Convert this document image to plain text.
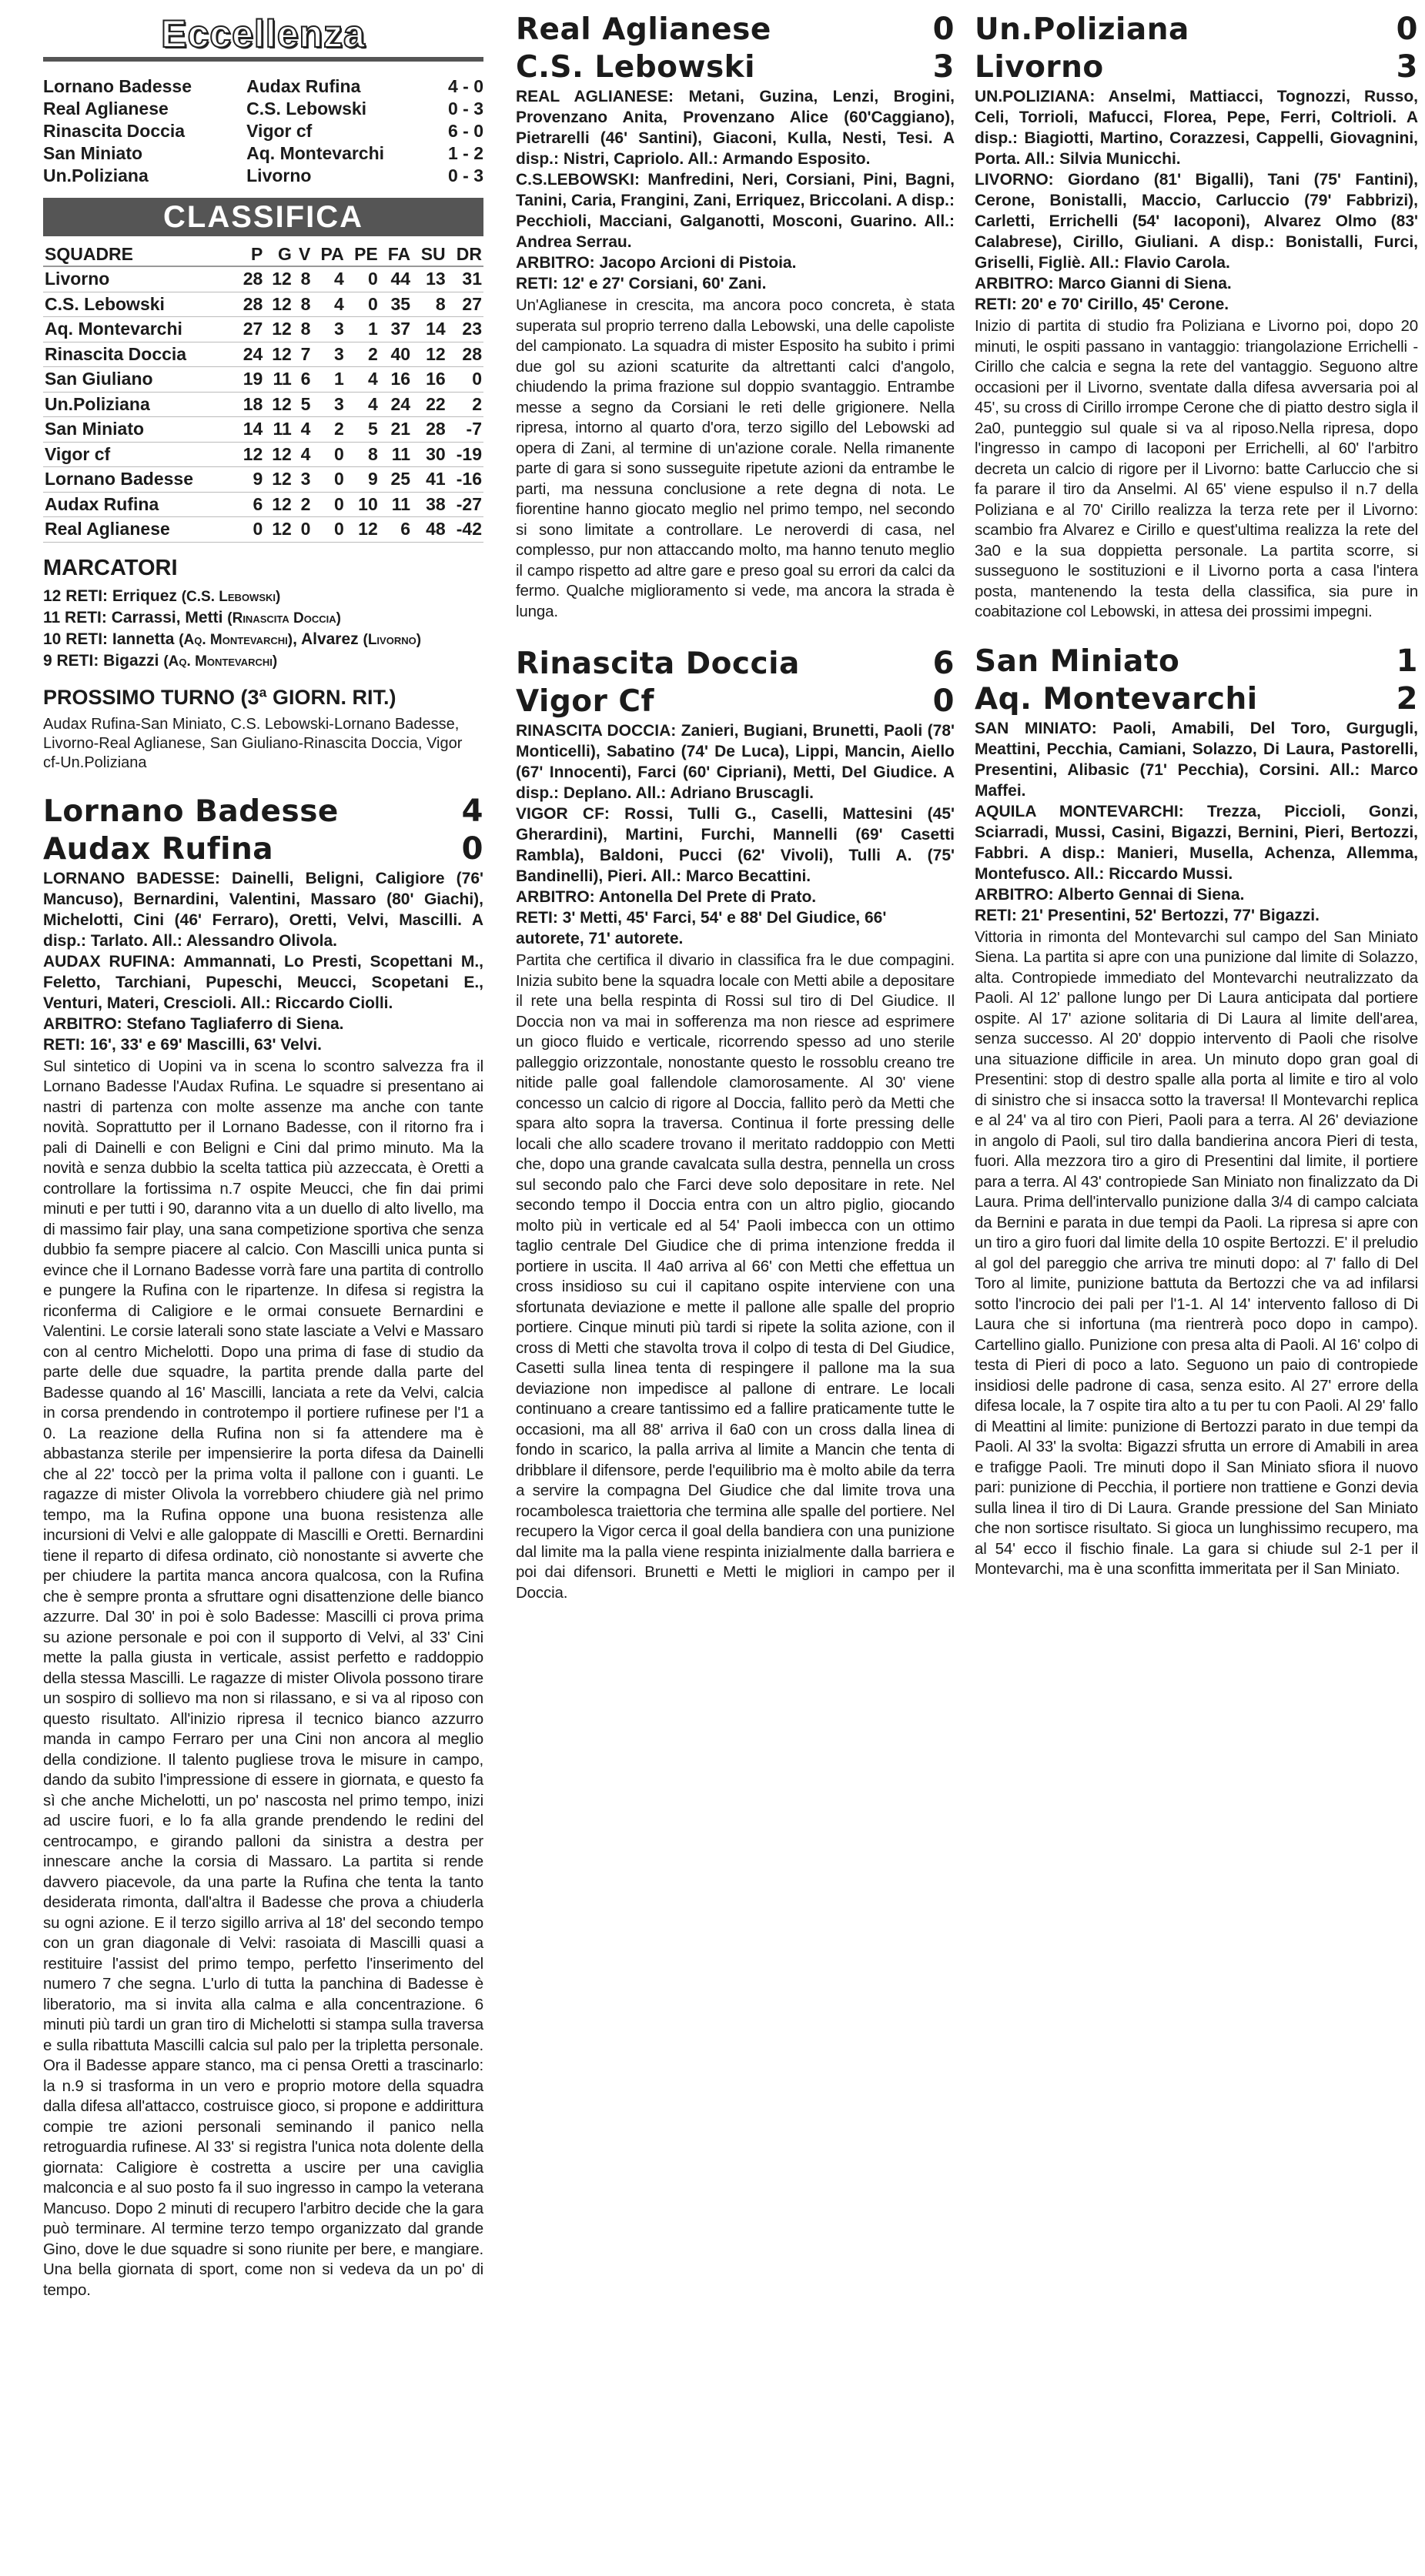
Eccellenza
Lornano Badesse	Audax Rufina	4 - 0
Real Aglianese	C.S. Lebowski	0 - 3
Rinascita Doccia	Vigor cf	6 - 0
San Miniato	Aq. Montevarchi	1 - 2
Un.Poliziana	Livorno	0 - 3
CLASSIFICA
SQUADRE	P	G	V	PA	PE	FA	SU	DR
Livorno	28	12	8	4	0	44	13	31
C.S. Lebowski	28	12	8	4	0	35	8	27
Aq. Montevarchi	27	12	8	3	1	37	14	23
Rinascita Doccia	24	12	7	3	2	40	12	28
San Giuliano	19	11	6	1	4	16	16	0
Un.Poliziana	18	12	5	3	4	24	22	2
San Miniato	14	11	4	2	5	21	28	-7
Vigor cf	12	12	4	0	8	11	30	-19
Lornano Badesse	9	12	3	0	9	25	41	-16
Audax Rufina	6	12	2	0	10	11	38	-27
Real Aglianese	0	12	0	0	12	6	48	-42
MARCATORI
12 RETI: Erriquez (C.S. Lebowski)
11 RETI: Carrassi, Metti (Rinascita Doccia)
10 RETI: Iannetta (Aq. Montevarchi), Alvarez (Livorno)
9 RETI: Bigazzi (Aq. Montevarchi)
PROSSIMO TURNO (3ª GIORN. RIT.)
Audax Rufina-San Miniato, C.S. Lebowski-Lornano Badesse, Livorno-Real Aglianese, San Giuliano-Rinascita Doccia, Vigor cf-Un.Poliziana
Lornano Badesse	4
Audax Rufina	0

LORNANO BADESSE: Dainelli, Beligni, Caligiore (76' Mancuso), Bernardini, Valentini, Massaro (80' Giachi), Michelotti, Cini (46' Ferraro), Oretti, Velvi, Mascilli. A disp.: Tarlato. All.: Alessandro Olivola.

AUDAX RUFINA: Ammannati, Lo Presti, Scopettani M., Feletto, Tarchiani, Pupeschi, Meucci, Scopetani E., Venturi, Materi, Crescioli. All.: Riccardo Ciolli.

ARBITRO: Stefano Tagliaferro di Siena.

RETI: 16', 33' e 69' Mascilli, 63' Velvi.

Sul sintetico di Uopini va in scena lo scontro salvezza fra il Lornano Badesse l'Audax Rufina. Le squadre si presentano ai nastri di partenza con molte assenze ma anche con tante novità. Soprattutto per il Lornano Badesse, con il ritorno fra i pali di Dainelli e con Beligni e Cini dal primo minuto. Ma la novità e senza dubbio la scelta tattica più azzeccata, è Oretti a controllare la fortissima n.7 ospite Meucci, che fin dai primi minuti e per tutti i 90, daranno vita a un duello di alto livello, ma di massimo fair play, una sana competizione sportiva che senza dubbio fa sempre piacere al calcio. Con Mascilli unica punta si evince che il Lornano Badesse vorrà fare una partita di controllo e pungere la Rufina con le ripartenze. In difesa si registra la riconferma di Caligiore e le ormai consuete Bernardini e Valentini. Le corsie laterali sono state lasciate a Velvi e Massaro con al centro Michelotti. Dopo una prima di fase di studio da parte delle due squadre, la partita prende dalla parte del Badesse quando al 16' Mascilli, lanciata a rete da Velvi, calcia in corsa prendendo in controtempo il portiere rufinese per l'1 a 0. La reazione della Rufina non si fa attendere ma è abbastanza sterile per impensierire la porta difesa da Dainelli che al 22' toccò per la prima volta il pallone con i guanti. Le ragazze di mister Olivola la vorrebbero chiudere già nel primo tempo, ma la Rufina oppone una buona resistenza alle incursioni di Velvi e alle galoppate di Mascilli e Oretti. Bernardini tiene il reparto di difesa ordinato, ciò nonostante si avverte che per chiudere la partita manca ancora qualcosa, con la Rufina che è sempre pronta a sfruttare ogni disattenzione delle bianco azzurre. Dal 30' in poi è solo Badesse: Mascilli ci prova prima su azione personale e poi con il supporto di Velvi, al 33' Cini mette la palla giusta in verticale, assist perfetto e raddoppio della stessa Mascilli. Le ragazze di mister Olivola possono tirare un sospiro di sollievo ma non si rilassano, e si va al riposo con questo risultato. All'inizio ripresa il tecnico bianco azzurro manda in campo Ferraro per una Cini non ancora al meglio della condizione. Il talento pugliese trova le misure in campo, dando da subito l'impressione di essere in giornata, e questo fa sì che anche Michelotti, un po' nascosta nel primo tempo, inizi ad uscire fuori, e lo fa alla grande prendendo le redini del centrocampo, e girando palloni da sinistra a destra per innescare anche la corsia di Massaro. La partita si rende davvero piacevole, da una parte la Rufina che tenta la tanto desiderata rimonta, dall'altra il Badesse che prova a chiuderla su ogni azione. E il terzo sigillo arriva al 18' del secondo tempo con un gran diagonale di Velvi: rasoiata di Mascilli quasi a restituire l'assist del primo tempo, perfetto l'inserimento del numero 7 che segna. L'urlo di tutta la panchina di Badesse è liberatorio, ma si invita alla calma e alla concentrazione. 6 minuti più tardi un gran tiro di Michelotti si stampa sulla traversa e sulla ribattuta Mascilli calcia sul palo per la tripletta personale. Ora il Badesse appare stanco, ma ci pensa Oretti a trascinarlo: la n.9 si trasforma in un vero e proprio motore della squadra dalla difesa all'attacco, costruisce gioco, si propone e addirittura compie tre azioni personali seminando il panico nella retroguardia rufinese. Al 33' si registra l'unica nota dolente della giornata: Caligiore è costretta a uscire per una caviglia malconcia e al suo posto fa il suo ingresso in campo la veterana Mancuso. Dopo 2 minuti di recupero l'arbitro decide che la gara può terminare. Al termine terzo tempo organizzato dal grande Gino, dove le due squadre si sono riunite per bere, e mangiare. Una bella giornata di sport, come non si vedeva da un po' di tempo.

Real Aglianese	0
C.S. Lebowski	3

REAL AGLIANESE: Metani, Guzina, Lenzi, Brogini, Provenzano Anita, Provenzano Alice (60'Caggiano), Pietrarelli (46' Santini), Giaconi, Kulla, Nesti, Tesi. A disp.: Nistri, Capriolo. All.: Armando Esposito.

C.S.LEBOWSKI: Manfredini, Neri, Corsiani, Pini, Bagni, Tanini, Caria, Frangini, Zani, Erriquez, Briccolani. A disp.: Pecchioli, Macciani, Galganotti, Mosconi, Guarino. All.: Andrea Serrau.

ARBITRO: Jacopo Arcioni di Pistoia.

RETI: 12' e 27' Corsiani, 60' Zani.

Un'Aglianese in crescita, ma ancora poco concreta, è stata superata sul proprio terreno dalla Lebowski, una delle capoliste del campionato. La squadra di mister Esposito ha subito i primi due gol su azioni scaturite da altrettanti calci d'angolo, chiudendo la prima frazione sul doppio svantaggio. Entrambe messe a segno da Corsiani le reti delle grigionere. Nella ripresa, intorno al quarto d'ora, terzo sigillo del Lebowski ad opera di Zani, al termine di un'azione corale. Nella rimanente parte di gara si sono susseguite ripetute azioni da entrambe le parti, ma nessuna conclusione a rete degna di nota. Le fiorentine hanno giocato meglio nel primo tempo, nel secondo si sono limitate a controllare. Le neroverdi di casa, nel complesso, pur non attaccando molto, ma hanno tenuto meglio il campo rispetto ad altre gare e preso goal su errori da calci da fermo. Qualche miglioramento si vede, ma ancora la strada è lunga.

Rinascita Doccia	6
Vigor Cf	0

RINASCITA DOCCIA: Zanieri, Bugiani, Brunetti, Paoli (78' Monticelli), Sabatino (74' De Luca), Lippi, Mancin, Aiello (67' Innocenti), Farci (60' Cipriani), Metti, Del Giudice. A disp.: Deplano. All.: Adriano Bruscagli.

VIGOR CF: Rossi, Tulli G., Caselli, Mattesini (45' Gherardini), Martini, Furchi, Mannelli (69' Casetti Rambla), Baldoni, Pucci (62' Vivoli), Tulli A. (75' Bandinelli), Pieri. All.: Marco Becattini.

ARBITRO: Antonella Del Prete di Prato.

RETI: 3' Metti, 45' Farci, 54' e 88' Del Giudice, 66' autorete, 71' autorete.

Partita che certifica il divario in classifica fra le due compagini. Inizia subito bene la squadra locale con Metti abile a depositare il rete una bella respinta di Rossi sul tiro di Del Giudice. Il Doccia non va mai in sofferenza ma non riesce ad esprimere un gioco fluido e verticale, ricorrendo spesso ad uno sterile palleggio orizzontale, nonostante questo le rossoblu creano tre nitide palle goal fallendole clamorosamente. Al 30' viene concesso un calcio di rigore al Doccia, fallito però da Metti che spara alto sopra la traversa. Continua il forte pressing delle locali che allo scadere trovano il meritato raddoppio con Metti che, dopo una grande cavalcata sulla destra, pennella un cross sul secondo palo che Farci deve solo depositare in rete. Nel secondo tempo il Doccia entra con un altro piglio, giocando molto più in verticale ed al 54' Paoli imbecca con un ottimo taglio centrale Del Giudice che di prima intenzione fredda il portiere in uscita. Il 4a0 arriva al 66' con Metti che effettua un cross insidioso su cui il capitano ospite interviene con una sfortunata deviazione e mette il pallone alle spalle del proprio portiere. Cinque minuti più tardi si ripete la solita azione, con il cross di Metti che stavolta trova il colpo di testa di Del Giudice, Casetti sulla linea tenta di respingere il pallone ma la sua deviazione non impedisce al pallone di entrare. Le locali continuano a creare tantissimo ed a fallire praticamente tutte le occasioni, ma all 88' arriva il 6a0 con un cross dalla linea di fondo in scarico, la palla arriva al limite a Mancin che tenta di dribblare il difensore, perde l'equilibrio ma è molto abile da terra a servire la compagna Del Giudice che dal limite trova una rocambolesca traiettoria che termina alle spalle del portiere. Nel recupero la Vigor cerca il goal della bandiera con una punizione dal limite ma la palla viene respinta inizialmente dalla barriera e poi dai difensori. Brunetti e Metti le migliori in campo per il Doccia.

Un.Poliziana	0
Livorno	3

UN.POLIZIANA: Anselmi, Mattiacci, Tognozzi, Russo, Celi, Torrioli, Mafucci, Florea, Pepe, Ferri, Coltrioli. A disp.: Biagiotti, Martino, Corazzesi, Cappelli, Giovagnini, Porta. All.: Silvia Municchi.

LIVORNO: Giordano (81' Bigalli), Tani (75' Fantini), Cerone, Bonistalli, Maccio, Carluccio (79' Fabbrizi), Carletti, Errichelli (54' Iacoponi), Alvarez Olmo (83' Calabrese), Cirillo, Giuliani. A disp.: Bonistalli, Furci, Griselli, Figliè. All.: Flavio Carola.

ARBITRO: Marco Gianni di Siena.

RETI: 20' e 70' Cirillo, 45' Cerone.

Inizio di partita di studio fra Poliziana e Livorno poi, dopo 20 minuti, le ospiti passano in vantaggio: triangolazione Errichelli - Cirillo che calcia e segna la rete del vantaggio. Seguono altre occasioni per il Livorno, sventate dalla difesa avversaria poi al 45', su cross di Cirillo irrompe Cerone che di piatto destro sigla il 2a0, punteggio sul quale si va al riposo.Nella ripresa, dopo l'ingresso in campo di Iacoponi per Errichelli, al 60' l'arbitro decreta un calcio di rigore per il Livorno: batte Carluccio che si fa parare il tiro da Anselmi. Al 65' viene espulso il n.7 della Poliziana e al 70' Cirillo realizza la terza rete per il Livorno: scambio fra Alvarez e Cirillo e quest'ultima realizza la rete del 3a0 e la sua doppietta personale. La partita scorre, si susseguono le sostituzioni e il Livorno porta a casa l'intera posta, mantenendo la testa della classifica, sia pure in coabitazione col Lebowski, in attesa dei prossimi impegni.

San Miniato	1
Aq. Montevarchi	2

SAN MINIATO: Paoli, Amabili, Del Toro, Gurgugli, Meattini, Pecchia, Camiani, Solazzo, Di Laura, Pastorelli, Presentini, Alibasic (71' Pecchia), Corsini. All.: Marco Maffei.

AQUILA MONTEVARCHI: Trezza, Piccioli, Gonzi, Sciarradi, Mussi, Casini, Bigazzi, Bernini, Pieri, Bertozzi, Fabbri. A disp.: Manieri, Musella, Achenza, Allemma, Montefusco. All.: Riccardo Mussi.

ARBITRO: Alberto Gennai di Siena.

RETI: 21' Presentini, 52' Bertozzi, 77' Bigazzi.

Vittoria in rimonta del Montevarchi sul campo del San Miniato Siena. La partita si apre con una punizione dal limite di Solazzo, alta. Contropiede immediato del Montevarchi neutralizzato da Paoli. Al 12' pallone lungo per Di Laura anticipata dal portiere ospite. Al 17' azione solitaria di Di Laura al limite dell'area, senza successo. Al 20' doppio intervento di Paoli che risolve una situazione difficile in area. Un minuto dopo gran goal di Presentini: stop di destro spalle alla porta al limite e tiro al volo di sinistro che si insacca sotto la traversa! Il Montevarchi replica e al 24' va al tiro con Pieri, Paoli para a terra. Al 26' deviazione in angolo di Paoli, sul tiro dalla bandierina ancora Pieri di testa, fuori. Alla mezzora tiro a giro di Presentini dal limite, il portiere para a terra. Al 43' contropiede San Miniato non finalizzato da Di Laura. Prima dell'intervallo punizione dalla 3/4 di campo calciata da Bernini e parata in due tempi da Paoli. La ripresa si apre con un tiro a giro fuori dal limite della 10 ospite Bertozzi. E' il preludio al gol del pareggio che arriva tre minuti dopo: al 7' fallo di Del Toro al limite, punizione battuta da Bertozzi che va ad infilarsi sotto l'incrocio dei pali per l'1-1. Al 14' intervento falloso di Di Laura che si infortuna (ma rientrerà poco dopo in campo). Cartellino giallo. Punizione con presa alta di Paoli. Al 16' colpo di testa di Pieri di poco a lato. Seguono un paio di contropiede insidiosi delle padrone di casa, senza esito. Al 27' errore della difesa locale, la 7 ospite tira alto a tu per tu con Paoli. Al 29' fallo di Meattini al limite: punizione di Bertozzi parato in due tempi da Paoli. Al 33' la svolta: Bigazzi sfrutta un errore di Amabili in area e trafigge Paoli. Tre minuti dopo il San Miniato sfiora il nuovo pari: punizione di Pecchia, il portiere non trattiene e Gonzi devia sulla linea il tiro di Di Laura. Grande pressione del San Miniato che non sortisce risultato. Si gioca un lunghissimo recupero, ma al 54' ecco il fischio finale. La gara si chiude sul 2-1 per il Montevarchi, ma è una sconfitta immeritata per il San Miniato.
